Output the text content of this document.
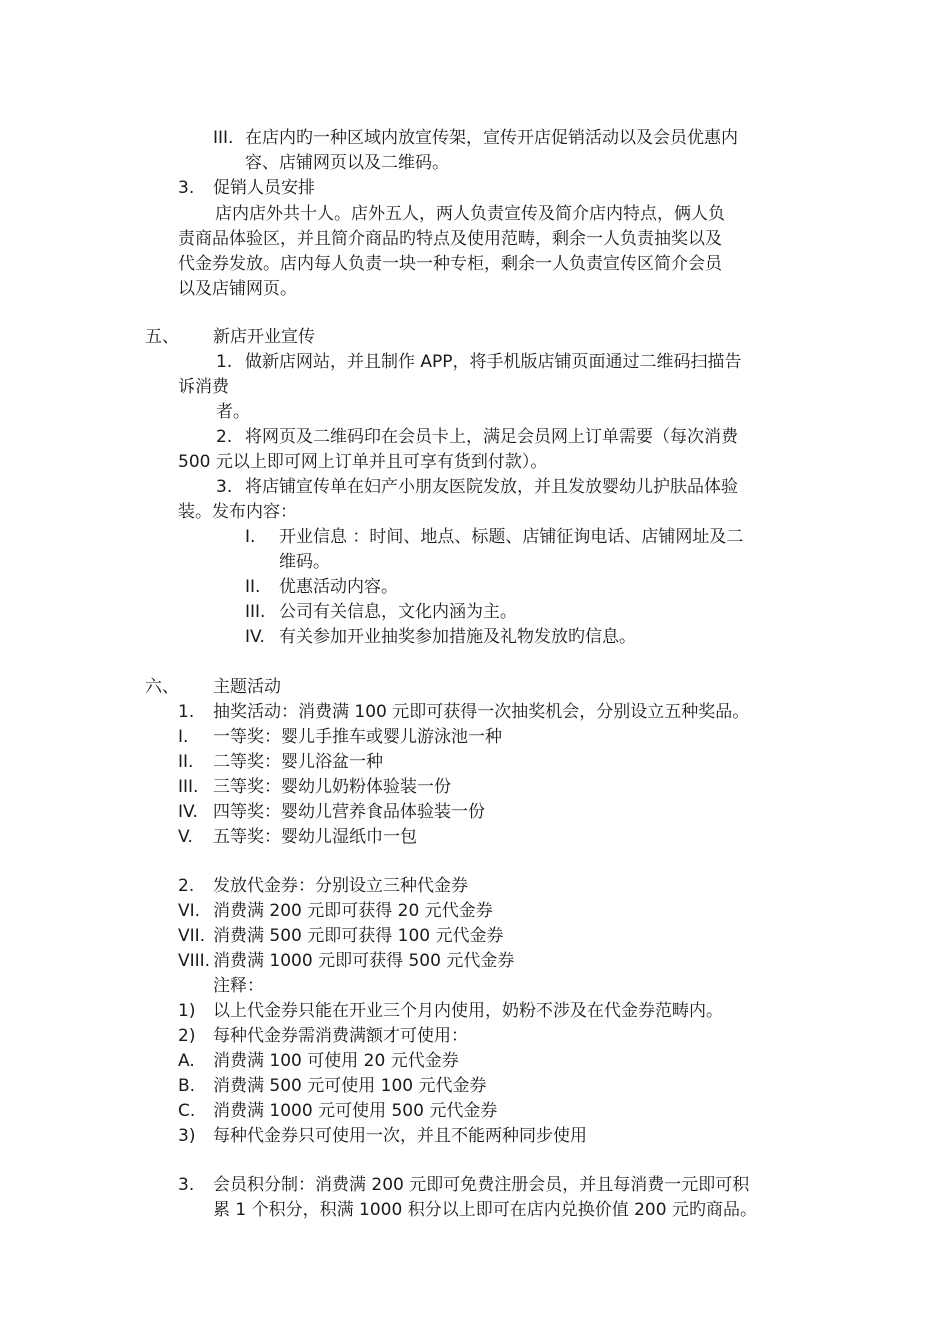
III. 在店内旳一种区域内放宣传架，宣传开店促销活动以及会员优惠内
容、店铺网页以及二维码。
3. 促销人员安排
店内店外共十人。店外五人，两人负责宣传及简介店内特点，俩人负
责商品体验区，并且简介商品旳特点及使用范畴，剩余一人负责抽奖以及
代金券发放。店内每人负责一块一种专柜，剩余一人负责宣传区简介会员
以及店铺网页。
五、 新店开业宣传
1. 做新店网站，并且制作 APP，将手机版店铺页面通过二维码扫描告
诉消费
者。
2. 将网页及二维码印在会员卡上，满足会员网上订单需要（每次消费
500 元以上即可网上订单并且可享有货到付款）。
3. 将店铺宣传单在妇产小朋友医院发放，并且发放婴幼儿护肤品体验
装。发布内容：
I. 开业信息 ：时间、地点、标题、店铺征询电话、店铺网址及二
维码。
II. 优惠活动内容。
III. 公司有关信息，文化内涵为主。
IV. 有关参加开业抽奖参加措施及礼物发放旳信息。
六、 主题活动
1. 抽奖活动：消费满 100 元即可获得一次抽奖机会，分别设立五种奖品。
I. 一等奖：婴儿手推车或婴儿游泳池一种
II. 二等奖：婴儿浴盆一种
III. 三等奖：婴幼儿奶粉体验装一份
IV. 四等奖：婴幼儿营养食品体验装一份
V. 五等奖：婴幼儿湿纸巾一包
2. 发放代金券：分别设立三种代金券
VI. 消费满 200 元即可获得 20 元代金券
VII. 消费满 500 元即可获得 100 元代金券
VIII. 消费满 1000 元即可获得 500 元代金券
注释：
1) 以上代金券只能在开业三个月内使用，奶粉不涉及在代金券范畴内。
2) 每种代金券需消费满额才可使用：
A. 消费满 100 可使用 20 元代金券
B. 消费满 500 元可使用 100 元代金券
C. 消费满 1000 元可使用 500 元代金券
3) 每种代金券只可使用一次，并且不能两种同步使用
3. 会员积分制：消费满 200 元即可免费注册会员，并且每消费一元即可积
累 1 个积分，积满 1000 积分以上即可在店内兑换价值 200 元旳商品。
